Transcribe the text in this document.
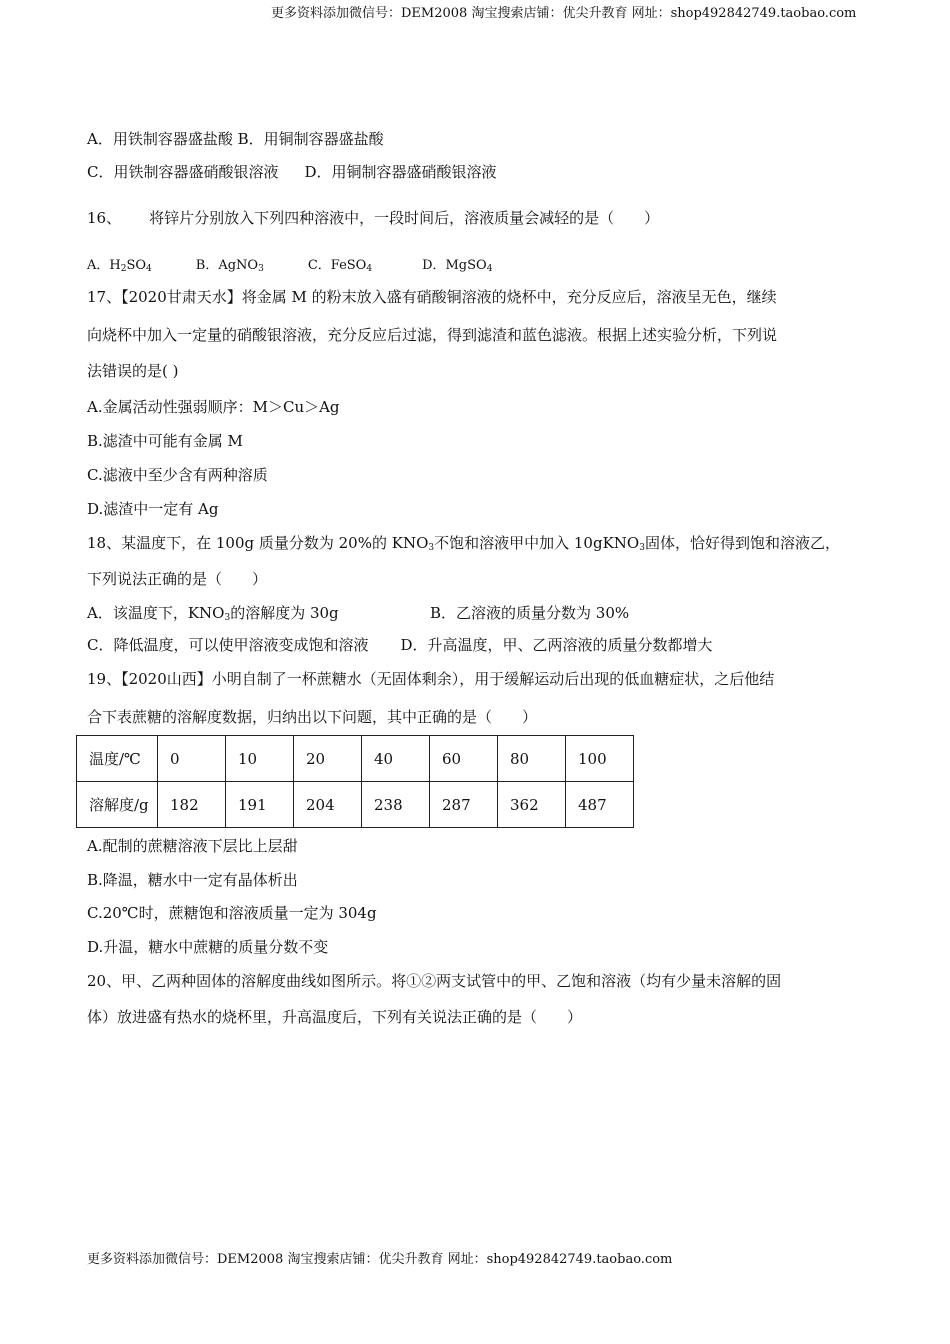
更多资料添加微信号：DEM2008 淘宝搜索店铺：优尖升教育 网址：shop492842749.taobao.com
A．用铁制容器盛盐酸 B．用铜制容器盛盐酸
C．用铁制容器盛硝酸银溶液 D．用铜制容器盛硝酸银溶液
16、 将锌片分别放入下列四种溶液中，一段时间后，溶液质量会减轻的是（　　）
A．$H_2SO_4$	B．AgNO$_3$	C．FeSO$_4$	D．MgSO$_4$
17、【2020甘肃天水】将金属 M 的粉末放入盛有硝酸铜溶液的烧杯中，充分反应后，溶液呈无色，继续
向烧杯中加入一定量的硝酸银溶液，充分反应后过滤，得到滤渣和蓝色滤液。根据上述实验分析，下列说
法错误的是( )
A.金属活动性强弱顺序：M＞Cu＞Ag
B.滤渣中可能有金属 M
C.滤液中至少含有两种溶质
D.滤渣中一定有 Ag
18、某温度下，在 100g 质量分数为 20%的 $KNO_3$不饱和溶液甲中加入 10gKNO$_3$固体，恰好得到饱和溶液乙，
下列说法正确的是（　　）
A．该温度下，$KNO_3$的溶解度为 30g	B．乙溶液的质量分数为 30%
C．降低温度，可以使甲溶液变成饱和溶液 D．升高温度，甲、乙两溶液的质量分数都增大
19、【2020山西】小明自制了一杯蔗糖水（无固体剩余），用于缓解运动后出现的低血糖症状，之后他结
合下表蔗糖的溶解度数据，归纳出以下问题，其中正确的是（　　）
温度/℃	0	10	20	40	60	80	100
溶解度/g	182	191	204	238	287	362	487
A.配制的蔗糖溶液下层比上层甜
B.降温，糖水中一定有晶体析出
C.20℃时，蔗糖饱和溶液质量一定为 304g
D.升温，糖水中蔗糖的质量分数不变
20、甲、乙两种固体的溶解度曲线如图所示。将①②两支试管中的甲、乙饱和溶液（均有少量未溶解的固
体）放进盛有热水的烧杯里，升高温度后，下列有关说法正确的是（　　）
更多资料添加微信号：DEM2008 淘宝搜索店铺：优尖升教育 网址：shop492842749.taobao.com
